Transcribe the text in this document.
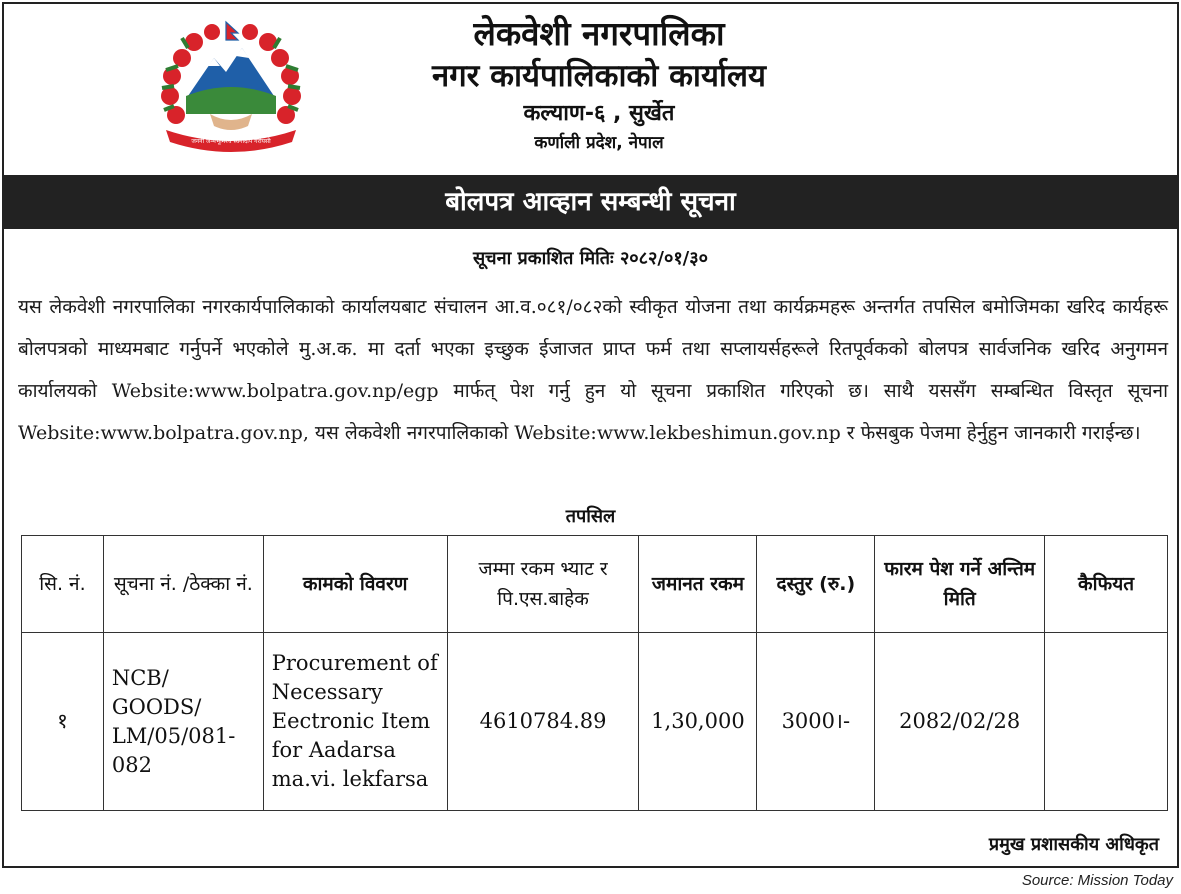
जननी जन्मभूमिश्च स्वर्गादपि गरीयसी
लेकवेशी नगरपालिका
नगर कार्यपालिकाको कार्यालय
कल्याण-६ , सुर्खेत
कर्णाली प्रदेश, नेपाल
बोलपत्र आव्हान सम्बन्धी सूचना
सूचना प्रकाशित मितिः २०८२/०१/३०
यस लेकवेशी नगरपालिका नगरकार्यपालिकाको कार्यालयबाट संचालन आ.व.०८१/०८२को स्वीकृत योजना तथा कार्यक्रमहरू अन्तर्गत तपसिल बमोजिमका खरिद कार्यहरू बोलपत्रको माध्यमबाट गर्नुपर्ने भएकोले मु.अ.क. मा दर्ता भएका इच्छुक ईजाजत प्राप्त फर्म तथा सप्लायर्सहरूले रितपूर्वकको बोलपत्र सार्वजनिक खरिद अनुगमन कार्यालयको Website:www.bolpatra.gov.np/egp मार्फत् पेश गर्नु हुन यो सूचना प्रकाशित गरिएको छ। साथै यससँग सम्बन्धित विस्तृत सूचना Website:www.bolpatra.gov.np, यस लेकवेशी नगरपालिकाको Website:www.lekbeshimun.gov.np र फेसबुक पेजमा हेर्नुहुन जानकारी गराईन्छ।
तपसिल
सि. नं.	सूचना नं. /ठेक्का नं.	कामको विवरण	जम्मा रकम भ्याट र पि.एस.बाहेक	जमानत रकम	दस्तुर (रु.)	फारम पेश गर्ने अन्तिम मिति	कैफियत
१	NCB/ GOODS/ LM/05/081-082	Procurement of Necessary Eectronic Item for Aadarsa ma.vi. lekfarsa	4610784.89	1,30,000	3000।-	2082/02/28	
प्रमुख प्रशासकीय अधिकृत
Source: Mission Today
